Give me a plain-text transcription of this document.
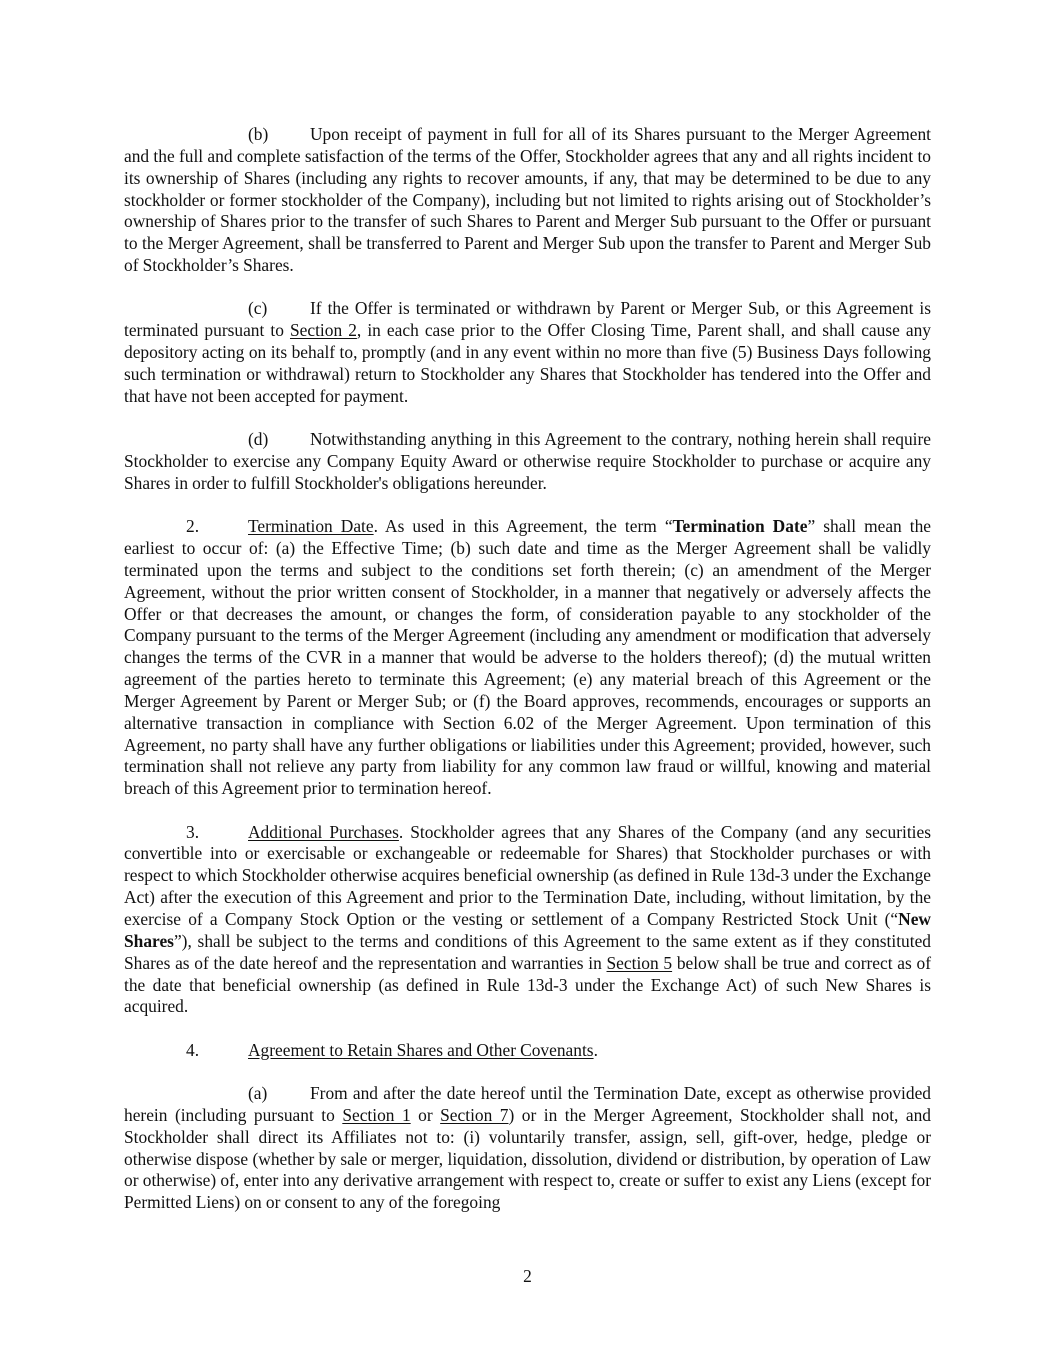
(b) Upon receipt of payment in full for all of its Shares pursuant to the Merger Agreement and the full and complete satisfaction of the terms of the Offer, Stockholder agrees that any and all rights incident to its ownership of Shares (including any rights to recover amounts, if any, that may be determined to be due to any stockholder or former stockholder of the Company), including but not limited to rights arising out of Stockholder’s ownership of Shares prior to the transfer of such Shares to Parent and Merger Sub pursuant to the Offer or pursuant to the Merger Agreement, shall be transferred to Parent and Merger Sub upon the transfer to Parent and Merger Sub of Stockholder’s Shares.

(c) If the Offer is terminated or withdrawn by Parent or Merger Sub, or this Agreement is terminated pursuant to Section 2, in each case prior to the Offer Closing Time, Parent shall, and shall cause any depository acting on its behalf to, promptly (and in any event within no more than five (5) Business Days following such termination or withdrawal) return to Stockholder any Shares that Stockholder has tendered into the Offer and that have not been accepted for payment.

(d) Notwithstanding anything in this Agreement to the contrary, nothing herein shall require Stockholder to exercise any Company Equity Award or otherwise require Stockholder to purchase or acquire any Shares in order to fulfill Stockholder's obligations hereunder.

2.	Termination Date. As used in this Agreement, the term “Termination Date” shall mean the earliest to occur of: (a) the Effective Time; (b) such date and time as the Merger Agreement shall be validly terminated upon the terms and subject to the conditions set forth therein; (c) an amendment of the Merger Agreement, without the prior written consent of Stockholder, in a manner that negatively or adversely affects the Offer or that decreases the amount, or changes the form, of consideration payable to any stockholder of the Company pursuant to the terms of the Merger Agreement (including any amendment or modification that adversely changes the terms of the CVR in a manner that would be adverse to the holders thereof); (d) the mutual written agreement of the parties hereto to terminate this Agreement; (e) any material breach of this Agreement or the Merger Agreement by Parent or Merger Sub; or (f) the Board approves, recommends, encourages or supports an alternative transaction in compliance with Section 6.02 of the Merger Agreement. Upon termination of this Agreement, no party shall have any further obligations or liabilities under this Agreement; provided, however, such termination shall not relieve any party from liability for any common law fraud or willful, knowing and material breach of this Agreement prior to termination hereof.

3.	Additional Purchases. Stockholder agrees that any Shares of the Company (and any securities convertible into or exercisable or exchangeable or redeemable for Shares) that Stockholder purchases or with respect to which Stockholder otherwise acquires beneficial ownership (as defined in Rule 13d-3 under the Exchange Act) after the execution of this Agreement and prior to the Termination Date, including, without limitation, by the exercise of a Company Stock Option or the vesting or settlement of a Company Restricted Stock Unit (“New Shares”), shall be subject to the terms and conditions of this Agreement to the same extent as if they constituted Shares as of the date hereof and the representation and warranties in Section 5 below shall be true and correct as of the date that beneficial ownership (as defined in Rule 13d-3 under the Exchange Act) of such New Shares is acquired.

4.	Agreement to Retain Shares and Other Covenants.

(a) From and after the date hereof until the Termination Date, except as otherwise provided herein (including pursuant to Section 1 or Section 7) or in the Merger Agreement, Stockholder shall not, and Stockholder shall direct its Affiliates not to: (i) voluntarily transfer, assign, sell, gift-over, hedge, pledge or otherwise dispose (whether by sale or merger, liquidation, dissolution, dividend or distribution, by operation of Law or otherwise) of, enter into any derivative arrangement with respect to, create or suffer to exist any Liens (except for Permitted Liens) on or consent to any of the foregoing

2
